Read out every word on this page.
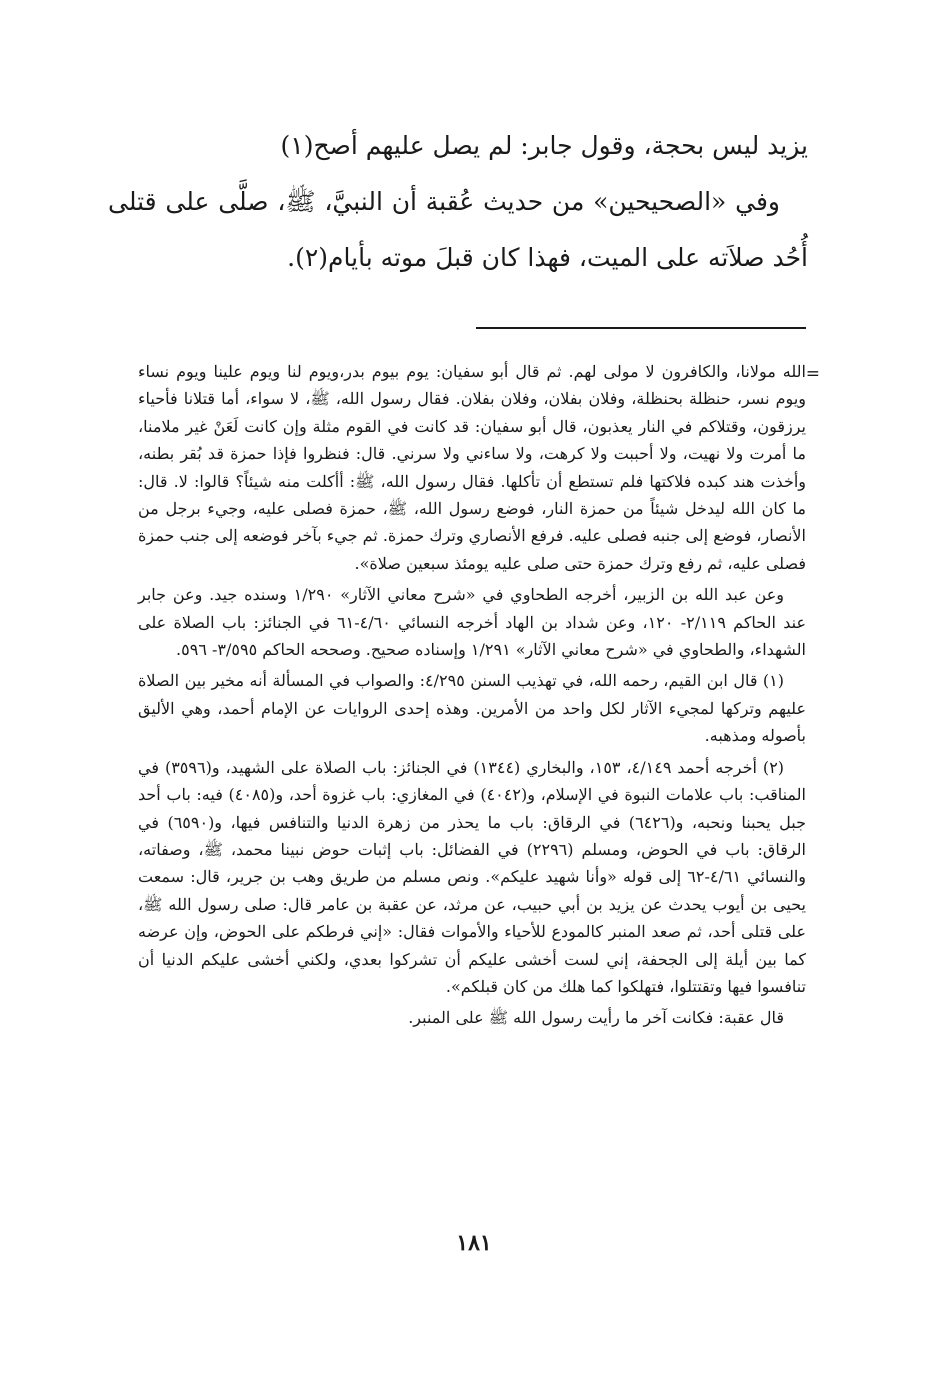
يزيد ليس بحجة، وقول جابر: لم يصل عليهم أصح(١)

وفي «الصحيحين» من حديث عُقبة أن النبيَّ، ﷺ، صلَّى على قتلى أُحُد صلاَته على الميت، فهذا كان قبلَ موته بأيام(٢).

=

الله مولانا، والكافرون لا مولى لهم. ثم قال أبو سفيان: يوم بيوم بدر،ويوم لنا ويوم علينا ويوم نساء ويوم نسر، حنظلة بحنظلة، وفلان بفلان، وفلان بفلان. فقال رسول الله، ﷺ، لا سواء، أما قتلانا فأحياء يرزقون، وقتلاكم في النار يعذبون، قال أبو سفيان: قد كانت في القوم مثلة وإن كانت لَعَنْ غير ملامنا، ما أمرت ولا نهيت، ولا أحببت ولا كرهت، ولا ساءني ولا سرني. قال: فنظروا فإذا حمزة قد بُقر بطنه، وأخذت هند كبده فلاكتها فلم تستطع أن تأكلها. فقال رسول الله، ﷺ: أأكلت منه شيئاً؟ قالوا: لا. قال: ما كان الله ليدخل شيئاً من حمزة النار، فوضع رسول الله، ﷺ، حمزة فصلى عليه، وجيء برجل من الأنصار، فوضع إلى جنبه فصلى عليه. فرفع الأنصاري وترك حمزة. ثم جيء بآخر فوضعه إلى جنب حمزة فصلى عليه، ثم رفع وترك حمزة حتى صلى عليه يومئذ سبعين صلاة».

وعن عبد الله بن الزبير، أخرجه الطحاوي في «شرح معاني الآثار» ١/٢٩٠ وسنده جيد. وعن جابر عند الحاكم ٢/١١٩- ١٢٠، وعن شداد بن الهاد أخرجه النسائي ٤/٦٠-٦١ في الجنائز: باب الصلاة على الشهداء، والطحاوي في «شرح معاني الآثار» ١/٢٩١ وإسناده صحيح. وصححه الحاكم ٣/٥٩٥- ٥٩٦.

(١) قال ابن القيم، رحمه الله، في تهذيب السنن ٤/٢٩٥: والصواب في المسألة أنه مخير بين الصلاة عليهم وتركها لمجيء الآثار لكل واحد من الأمرين. وهذه إحدى الروايات عن الإمام أحمد، وهي الأليق بأصوله ومذهبه.

(٢) أخرجه أحمد ٤/١٤٩، ١٥٣، والبخاري (١٣٤٤) في الجنائز: باب الصلاة على الشهيد، و(٣٥٩٦) في المناقب: باب علامات النبوة في الإسلام، و(٤٠٤٢) في المغازي: باب غزوة أحد، و(٤٠٨٥) فيه: باب أحد جبل يحبنا ونحبه، و(٦٤٢٦) في الرقاق: باب ما يحذر من زهرة الدنيا والتنافس فيها، و(٦٥٩٠) في الرقاق: باب في الحوض، ومسلم (٢٢٩٦) في الفضائل: باب إثبات حوض نبينا محمد، ﷺ، وصفاته، والنسائي ٤/٦١-٦٢ إلى قوله «وأنا شهيد عليكم». ونص مسلم من طريق وهب بن جرير، قال: سمعت يحيى بن أيوب يحدث عن يزيد بن أبي حبيب، عن مرثد، عن عقبة بن عامر قال: صلى رسول الله ﷺ، على قتلى أحد، ثم صعد المنبر كالمودع للأحياء والأموات فقال: «إني فرطكم على الحوض، وإن عرضه كما بين أيلة إلى الجحفة، إني لست أخشى عليكم أن تشركوا بعدي، ولكني أخشى عليكم الدنيا أن تنافسوا فيها وتقتتلوا، فتهلكوا كما هلك من كان قبلكم».

قال عقبة: فكانت آخر ما رأيت رسول الله ﷺ على المنبر.

١٨١
